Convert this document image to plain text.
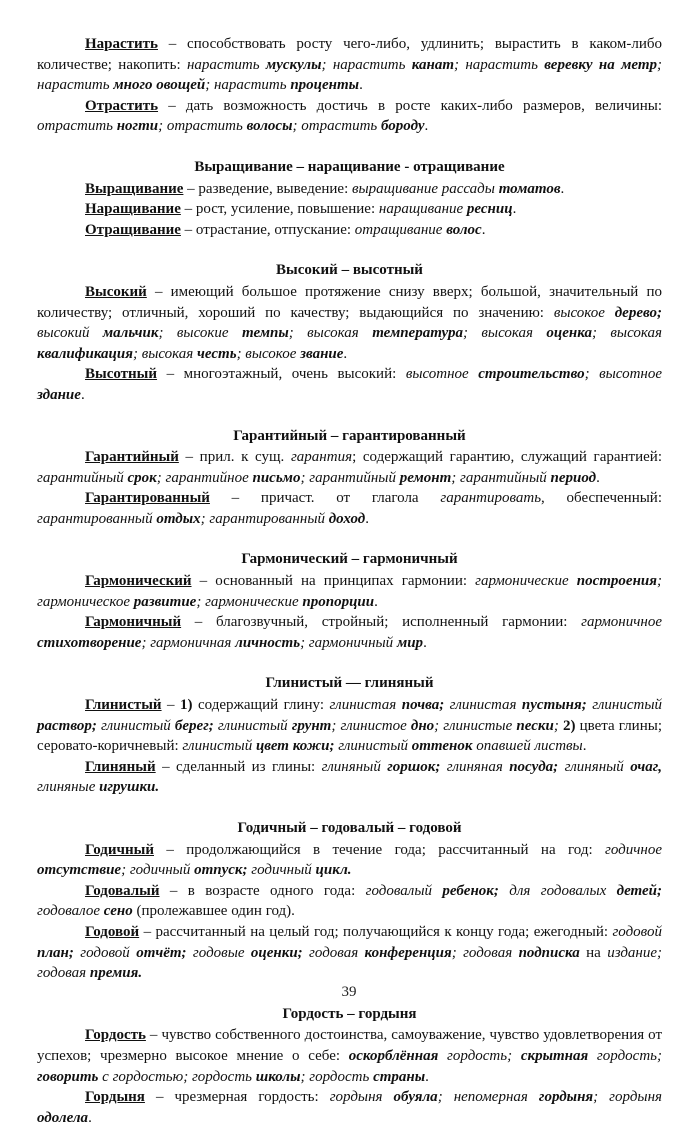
Нарастить – способствовать росту чего-либо, удлинить; вырастить в каком-либо количестве; накопить: нарастить мускулы; нарастить канат; нарастить веревку на метр; нарастить много овощей; нарастить проценты.

Отрастить – дать возможность достичь в росте каких-либо размеров, величины: отрастить ногти; отрастить волосы; отрастить бороду.

Выращивание – наращивание - отращивание

Выращивание – разведение, выведение: выращивание рассады томатов.

Наращивание – рост, усиление, повышение: наращивание ресниц.

Отращивание – отрастание, отпускание: отращивание волос.

Высокий – высотный

Высокий – имеющий большое протяжение снизу вверх; большой, значительный по количеству; отличный, хороший по качеству; выдающийся по значению: высокое дерево; высокий мальчик; высокие темпы; высокая температура; высокая оценка; высокая квалификация; высокая честь; высокое звание.

Высотный – многоэтажный, очень высокий: высотное строительство; высотное здание.

Гарантийный – гарантированный

Гарантийный – прил. к сущ. гарантия; содержащий гарантию, служащий гарантией: гарантийный срок; гарантийное письмо; гарантийный ремонт; гарантийный период.

Гарантированный – причаст. от глагола гарантировать, обеспеченный: гарантированный отдых; гарантированный доход.

Гармонический – гармоничный

Гармонический – основанный на принципах гармонии: гармонические построения; гармоническое развитие; гармонические пропорции.

Гармоничный – благозвучный, стройный; исполненный гармонии: гармоничное стихотворение; гармоничная личность; гармоничный мир.

Глинистый — глиняный

Глинистый – 1) содержащий глину: глинистая почва; глинистая пустыня; глинистый раствор; глинистый берег; глинистый грунт; глинистое дно; глинистые пески; 2) цвета глины; серовато-коричневый: глинистый цвет кожи; глинистый оттенок опавшей листвы.

Глиняный – сделанный из глины: глиняный горшок; глиняная посуда; глиняный очаг, глиняные игрушки.

Годичный – годовалый – годовой

Годичный – продолжающийся в течение года; рассчитанный на год: годичное отсутствие; годичный отпуск; годичный цикл.

Годовалый – в возрасте одного года: годовалый ребенок; для годовалых детей; годовалое сено (пролежавшее один год).

Годовой – рассчитанный на целый год; получающийся к концу года; ежегодный: годовой план; годовой отчёт; годовые оценки; годовая конференция; годовая подписка на издание; годовая премия.

Гордость – гордыня

Гордость – чувство собственного достоинства, самоуважение, чувство удовлетворения от успехов; чрезмерно высокое мнение о себе: оскорблённая гордость; скрытная гордость; говорить с гордостью; гордость школы; гордость страны.

Гордыня – чрезмерная гордость: гордыня обуяла; непомерная гордыня; гордыня одолела.

39
